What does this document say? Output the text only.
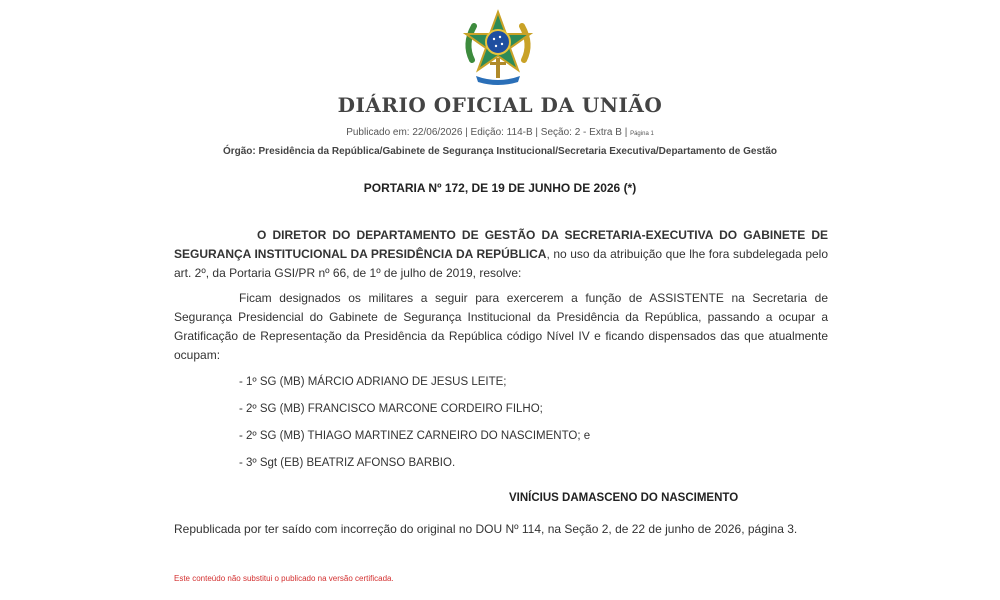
DIÁRIO OFICIAL DA UNIÃO
Publicado em: 22/06/2026 | Edição: 114-B | Seção: 2 - Extra B | Página 1
Órgão: Presidência da República/Gabinete de Segurança Institucional/Secretaria Executiva/Departamento de Gestão
PORTARIA Nº 172, DE 19 DE JUNHO DE 2026 (*)
O DIRETOR DO DEPARTAMENTO DE GESTÃO DA SECRETARIA-EXECUTIVA DO GABINETE DE SEGURANÇA INSTITUCIONAL DA PRESIDÊNCIA DA REPÚBLICA, no uso da atribuição que lhe fora subdelegada pelo art. 2º, da Portaria GSI/PR nº 66, de 1º de julho de 2019, resolve:
Ficam designados os militares a seguir para exercerem a função de ASSISTENTE na Secretaria de Segurança Presidencial do Gabinete de Segurança Institucional da Presidência da República, passando a ocupar a Gratificação de Representação da Presidência da República código Nível IV e ficando dispensados das que atualmente ocupam:
- 1º SG (MB) MÁRCIO ADRIANO DE JESUS LEITE;
- 2º SG (MB) FRANCISCO MARCONE CORDEIRO FILHO;
- 2º SG (MB) THIAGO MARTINEZ CARNEIRO DO NASCIMENTO; e
- 3º Sgt (EB) BEATRIZ AFONSO BARBIO.
VINÍCIUS DAMASCENO DO NASCIMENTO
Republicada por ter saído com incorreção do original no DOU Nº 114, na Seção 2, de 22 de junho de 2026, página 3.
Este conteúdo não substitui o publicado na versão certificada.
